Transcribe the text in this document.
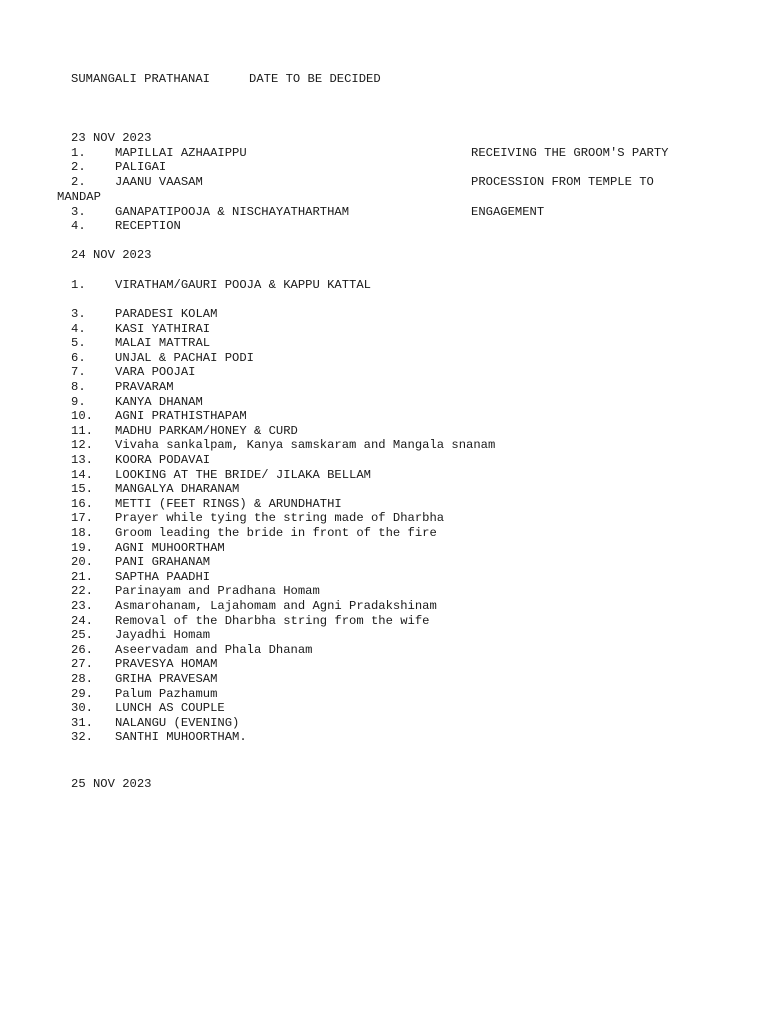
SUMANGALI PRATHANAI	DATE TO BE DECIDED
23 NOV 2023
1. MAPILLAI AZHAAIPPU	RECEIVING THE GROOM'S PARTY
2. PALIGAI
2. JAANU VAASAM	PROCESSION FROM TEMPLE TO
MANDAP
3. GANAPATIPOOJA & NISCHAYATHARTHAM	ENGAGEMENT
4. RECEPTION
24 NOV 2023
1. VIRATHAM/GAURI POOJA & KAPPU KATTAL
3. PARADESI KOLAM
4. KASI YATHIRAI
5. MALAI MATTRAL
6. UNJAL & PACHAI PODI
7. VARA POOJAI
8. PRAVARAM
9. KANYA DHANAM
10. AGNI PRATHISTHAPAM
11. MADHU PARKAM/HONEY & CURD
12. Vivaha sankalpam, Kanya samskaram and Mangala snanam
13. KOORA PODAVAI
14. LOOKING AT THE BRIDE/ JILAKA BELLAM
15. MANGALYA DHARANAM
16. METTI (FEET RINGS) & ARUNDHATHI
17. Prayer while tying the string made of Dharbha
18. Groom leading the bride in front of the fire
19. AGNI MUHOORTHAM
20. PANI GRAHANAM
21. SAPTHA PAADHI
22. Parinayam and Pradhana Homam
23. Asmarohanam, Lajahomam and Agni Pradakshinam
24. Removal of the Dharbha string from the wife
25. Jayadhi Homam
26. Aseervadam and Phala Dhanam
27. PRAVESYA HOMAM
28. GRIHA PRAVESAM
29. Palum Pazhamum
30. LUNCH AS COUPLE
31. NALANGU (EVENING)
32. SANTHI MUHOORTHAM.
25 NOV 2023
